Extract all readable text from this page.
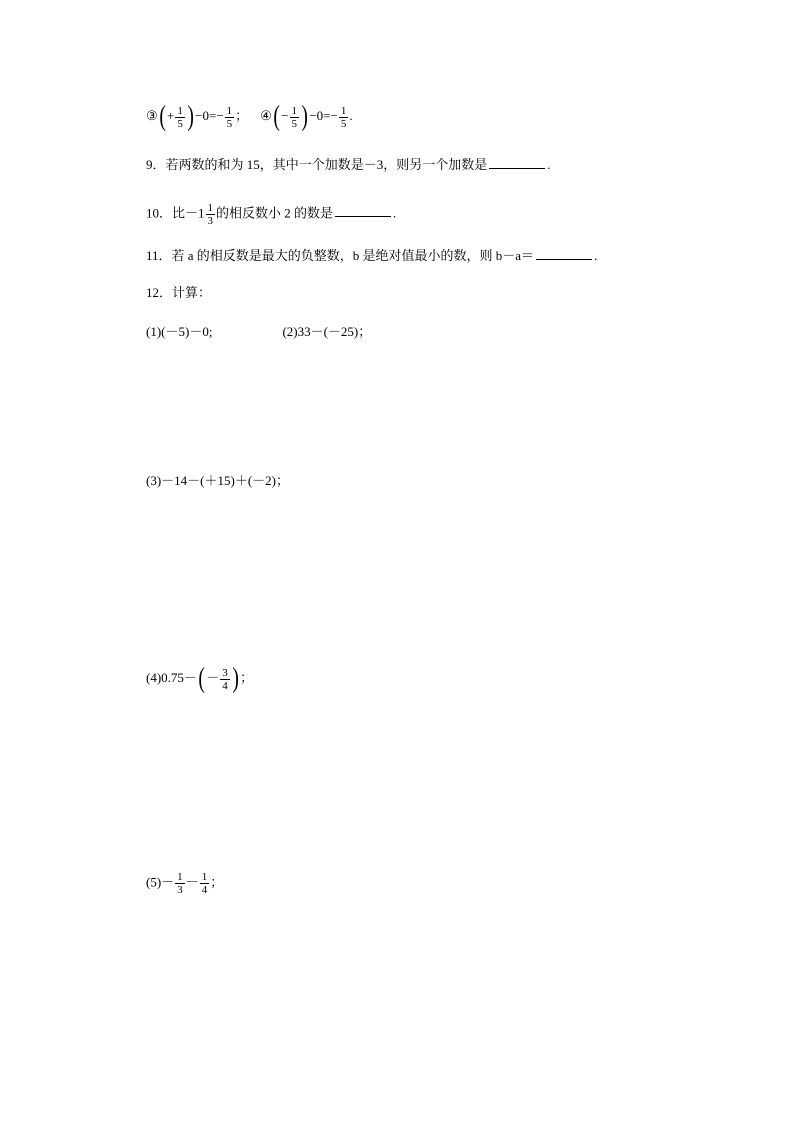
③(+ $\frac{1}{5} )-0=- \frac{1}{5}$ ； ④(− $\frac{1}{5} )-0=- \frac{1}{5}$ .
9．若两数的和为 15，其中一个加数是－3，则另一个加数是	.
10．比$-1 \frac{1}{3}$ 的相反数小 2 的数是	.
11．若 a 的相反数是最大的负整数，b 是绝对值最小的数，则 b－a＝	.
12．计算：
(1)(－5)－0;	(2)33－(－25)；
(3)－14－(＋15)＋(－2)；
$(4)0.75-(- \frac{3}{4}$ )；
$(5)- \frac{1}{3} - \frac{1}{4}$ ；
